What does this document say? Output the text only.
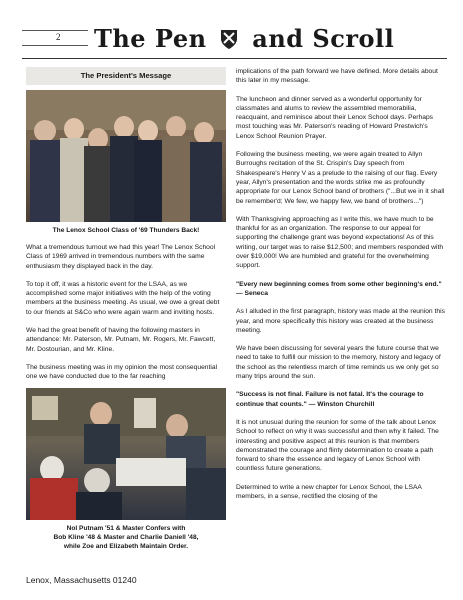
2 The Pen and Scroll
The President's Message
The Lenox School Class of '69 Thunders Back!

What a tremendous turnout we had this year! The Lenox School Class of 1969 arrived in tremendous numbers with the same enthusiasm they displayed back in the day.

To top it off, it was a historic event for the LSAA, as we accomplished some major initiatives with the help of the voting members at the business meeting. As usual, we owe a great debt to our friends at S&Co who were again warm and inviting hosts.

We had the great benefit of having the following masters in attendance: Mr. Paterson, Mr. Putnam, Mr. Rogers, Mr. Fawcett, Mr. Dostourian, and Mr. Kline.

The business meeting was in my opinion the most consequential one we have conducted due to the far reaching

Nol Putnam '51 & Master Confers with
Bob Kline '48 & Master and Charlie Daniell '48,
while Zoe and Elizabeth Maintain Order.

implications of the path forward we have defined. More details about this later in my message.

The luncheon and dinner served as a wonderful opportunity for classmates and alums to review the assembled memorabilia, reacquaint, and reminisce about their Lenox School days. Perhaps most touching was Mr. Paterson's reading of Howard Prestwich's Lenox School Reunion Prayer.

Following the business meeting, we were again treated to Allyn Burroughs recitation of the St. Crispin's Day speech from Shakespeare's Henry V as a prelude to the raising of our flag. Every year, Allyn's presentation and the words strike me as profoundly appropriate for our Lenox School band of brothers ("...But we in it shall be remember'd; We few, we happy few, we band of brothers...")

With Thanksgiving approaching as I write this, we have much to be thankful for as an organization. The response to our appeal for supporting the challenge grant was beyond expectations! As of this writing, our target was to raise $12,500; and members responded with over $19,000! We are humbled and grateful for the overwhelming support.

"Every new beginning comes from some other beginning's end." — Seneca

As I alluded in the first paragraph, history was made at the reunion this year, and more specifically this history was created at the business meeting.

We have been discussing for several years the future course that we need to take to fulfill our mission to the memory, history and legacy of the school as the relentless march of time reminds us we only get so many trips around the sun.

"Success is not final. Failure is not fatal. It's the courage to continue that counts." — Winston Churchill

It is not unusual during the reunion for some of the talk about Lenox School to reflect on why it was successful and then why it failed. The interesting and positive aspect at this reunion is that members demonstrated the courage and flinty determination to create a path forward to share the essence and legacy of Lenox School with countless future generations.

Determined to write a new chapter for Lenox School, the LSAA members, in a sense, rectified the closing of the

Lenox, Massachusetts 01240
